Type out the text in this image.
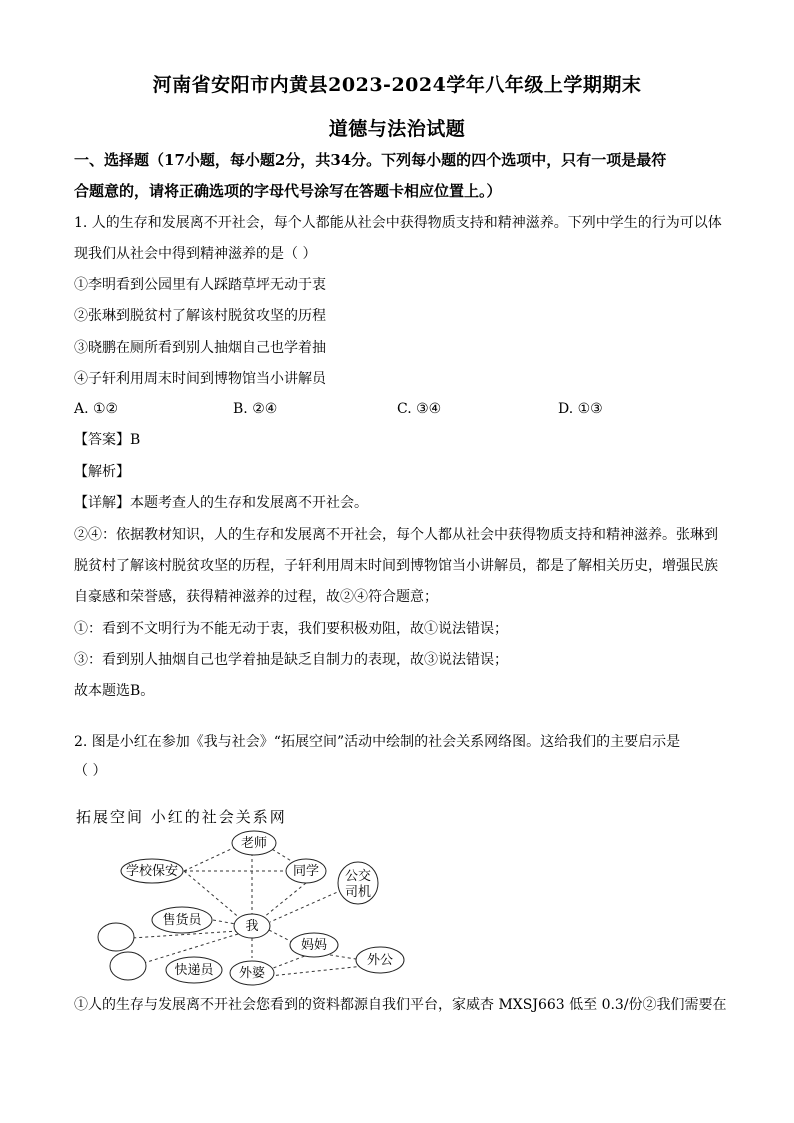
河南省安阳市内黄县2023-2024学年八年级上学期期末
道德与法治试题
一、选择题（17小题，每小题2分，共34分。下列每小题的四个选项中，只有一项是最符
合题意的，请将正确选项的字母代号涂写在答题卡相应位置上。）
1. 人的生存和发展离不开社会，每个人都能从社会中获得物质支持和精神滋养。下列中学生的行为可以体
现我们从社会中得到精神滋养的是（ ）
①李明看到公园里有人踩踏草坪无动于衷
②张琳到脱贫村了解该村脱贫攻坚的历程
③晓鹏在厕所看到别人抽烟自己也学着抽
④子轩利用周末时间到博物馆当小讲解员
A. ①②	B. ②④	C. ③④	D. ①③
【答案】B
【解析】
【详解】本题考查人的生存和发展离不开社会。
②④：依据教材知识，人的生存和发展离不开社会，每个人都从社会中获得物质支持和精神滋养。张琳到
脱贫村了解该村脱贫攻坚的历程，子轩利用周末时间到博物馆当小讲解员，都是了解相关历史，增强民族
自豪感和荣誉感，获得精神滋养的过程，故②④符合题意；
①：看到不文明行为不能无动于衷，我们要积极劝阻，故①说法错误；
③：看到别人抽烟自己也学着抽是缺乏自制力的表现，故③说法错误；
故本题选B。
2. 图是小红在参加《我与社会》“拓展空间”活动中绘制的社会关系网络图。这给我们的主要启示是
（ ）
拓展空间 小红的社会关系网
老师
学校保安	同学 公交
司机
售货员	我
妈妈
外公
快递员 外婆
①人的生存与发展离不开社会您看到的资料都源自我们平台，家威杏 MXSJ663 低至 0.3/份②我们需要在
